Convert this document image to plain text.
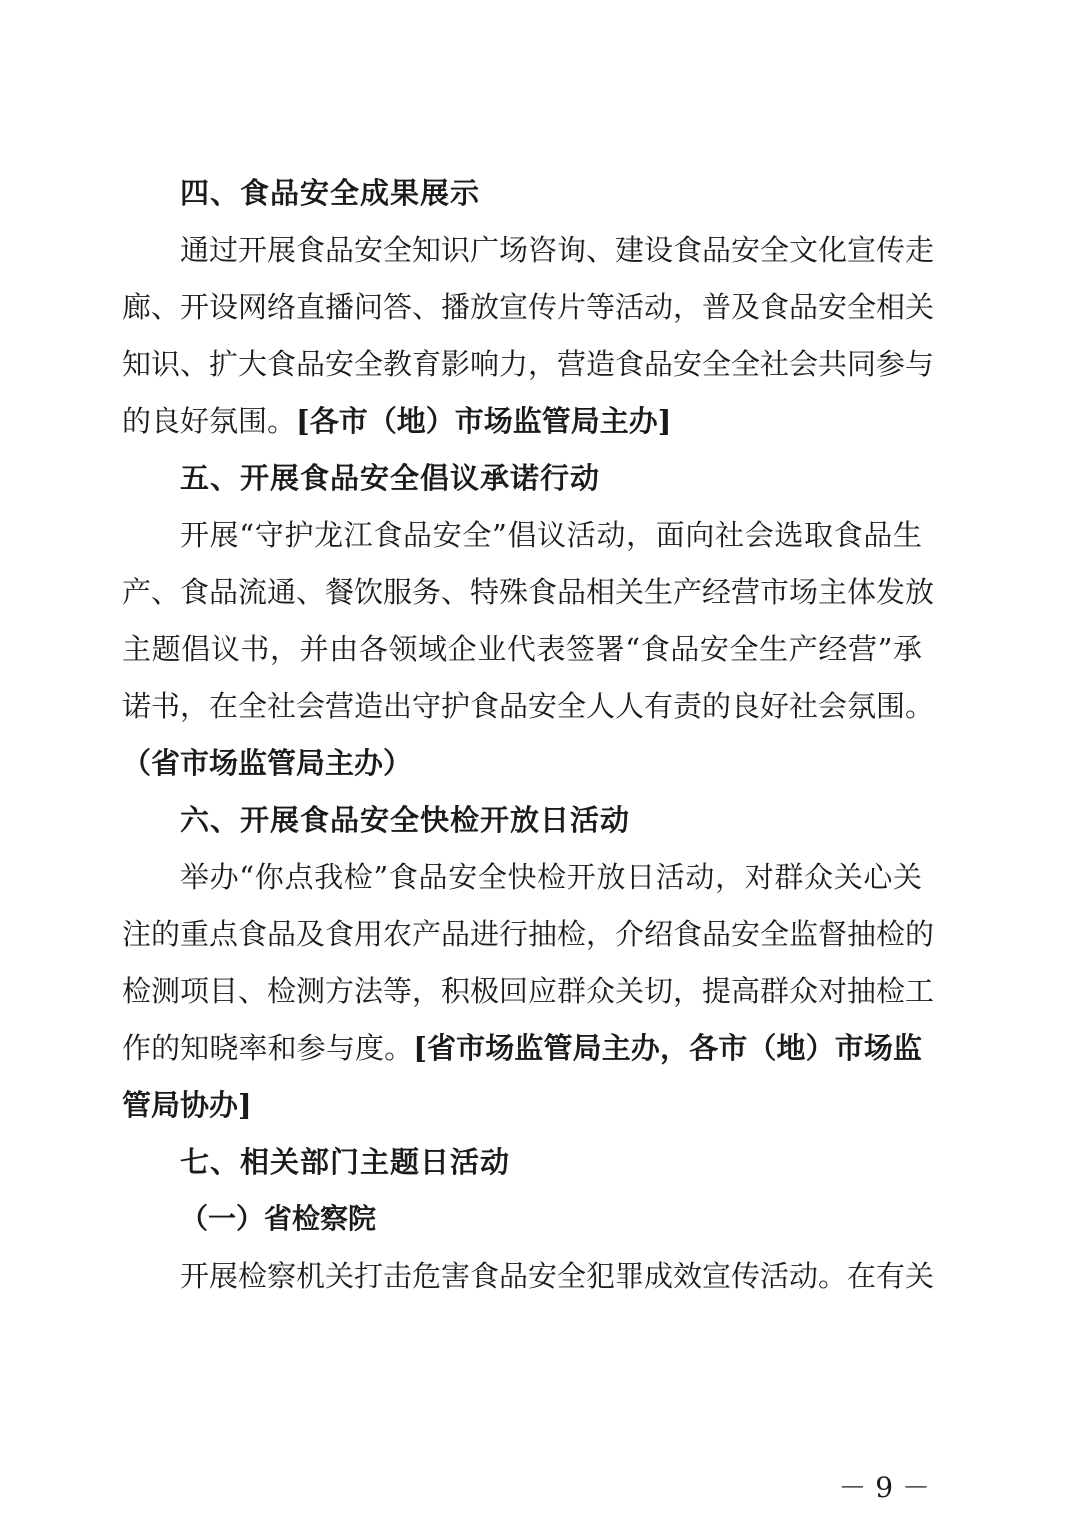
四、食品安全成果展示
通过开展食品安全知识广场咨询、建设食品安全文化宣传走
廊、开设网络直播问答、播放宣传片等活动，普及食品安全相关
知识、扩大食品安全教育影响力，营造食品安全全社会共同参与
的良好氛围。[各市（地）市场监管局主办]
五、开展食品安全倡议承诺行动
开展“守护龙江食品安全”倡议活动，面向社会选取食品生
产、食品流通、餐饮服务、特殊食品相关生产经营市场主体发放
主题倡议书，并由各领域企业代表签署“食品安全生产经营”承
诺书，在全社会营造出守护食品安全人人有责的良好社会氛围。
（省市场监管局主办）
六、开展食品安全快检开放日活动
举办“你点我检”食品安全快检开放日活动，对群众关心关
注的重点食品及食用农产品进行抽检，介绍食品安全监督抽检的
检测项目、检测方法等，积极回应群众关切，提高群众对抽检工
作的知晓率和参与度。[省市场监管局主办，各市（地）市场监
管局协办]
七、相关部门主题日活动
（一）省检察院
开展检察机关打击危害食品安全犯罪成效宣传活动。在有关
－ 9 －
